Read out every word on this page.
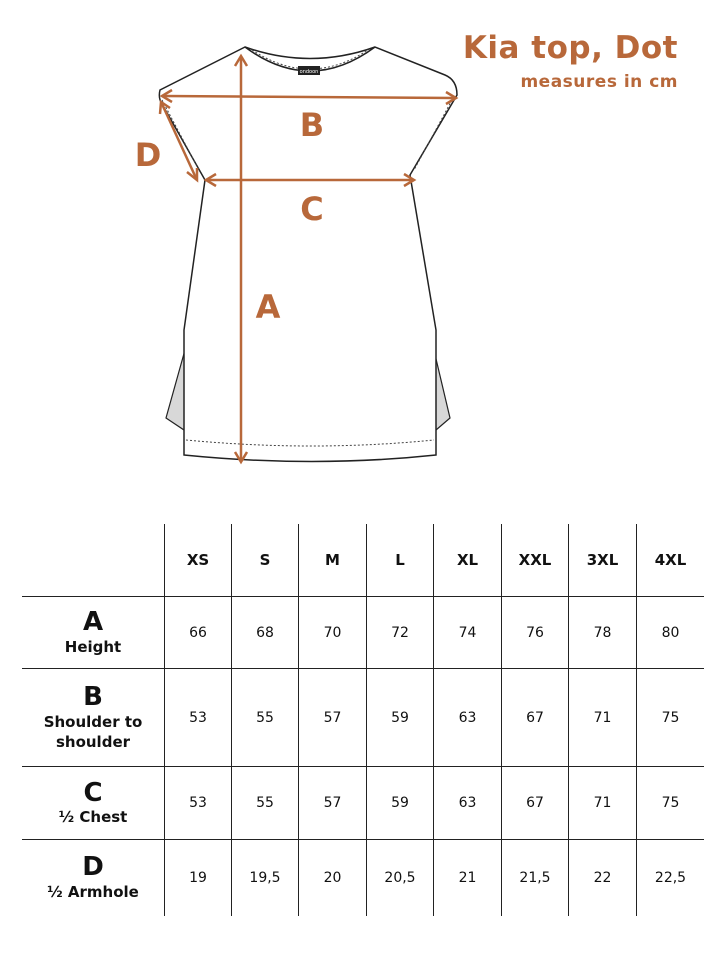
Kia top, Dot
measures in cm
ondoon
B
C
A
D
	XS	S	M	L	XL	XXL	3XL	4XL

A
Height	66	68	70	72	74	76	78	80

B
Shoulder to shoulder	53	55	57	59	63	67	71	75

C
½ Chest	53	55	57	59	63	67	71	75

D
½ Armhole	19	19,5	20	20,5	21	21,5	22	22,5
